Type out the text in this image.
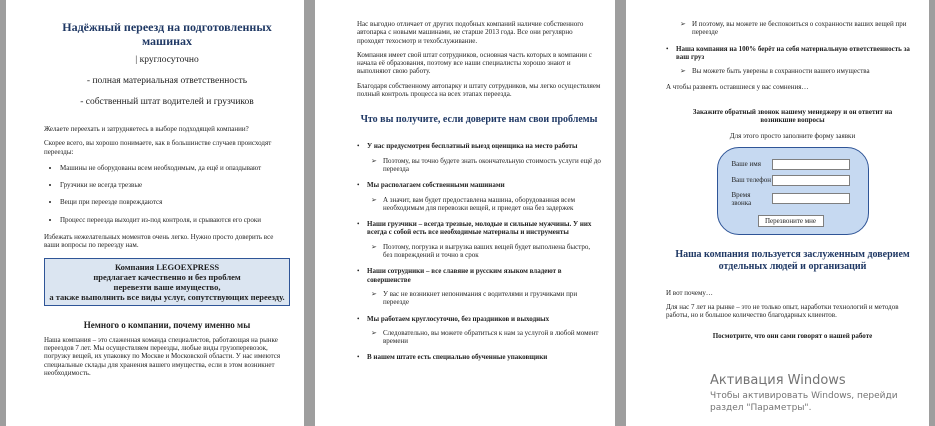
Надёжный переезд на подготовленных машинах

| круглосуточно

- полная материальная ответственность

- собственный штат водителей и грузчиков

Желаете переехать и затрудняетесь в выборе подходящей компании?

Скорее всего, вы хорошо понимаете, как в большинстве случаев происходят переезды:

• Машины не оборудованы всем необходимым, да ещё и опаздывают
• Грузчики не всегда трезвые
• Вещи при переезде повреждаются
• Процесс переезда выходит из-под контроля, и срываются его сроки

Избежать нежелательных моментов очень легко. Нужно просто доверить все ваши вопросы по переезду нам.

Компания LEGOEXPRESS
предлагает качественно и без проблем
перевезти ваше имущество,
а также выполнить все виды услуг, сопутствующих переезду.

Немного о компании, почему именно мы

Наша компания – это слаженная команда специалистов, работающая на рынке переездов 7 лет. Мы осуществляем переезды, любые виды грузоперевозок, погрузку вещей, их упаковку по Москве и Московской области. У нас имеются специальные склады для хранения вашего имущества, если в этом возникнет необходимость.

Нас выгодно отличает от других подобных компаний наличие собственного автопарка с новыми машинами, не старше 2013 года. Все они регулярно проходят техосмотр и техобслуживание.

Компания имеет свой штат сотрудников, основная часть которых в компании с начала её образования, поэтому все наши специалисты хорошо знают и выполняют свою работу.

Благодаря собственному автопарку и штату сотрудников, мы легко осуществляем полный контроль процесса на всех этапах переезда.

Что вы получите, если доверите нам свои проблемы

•	У нас предусмотрен бесплатный выезд оценщика на место работы
➢ Поэтому, вы точно будете знать окончательную стоимость услуги ещё до переезда
•	Мы располагаем собственными машинами
➢ А значит, вам будет предоставлена машина, оборудованная всем необходимым для перевозки вещей, и приедет она без задержек
•	Наши грузчики – всегда трезвые, молодые и сильные мужчины. У них всегда с собой есть все необходимые материалы и инструменты
➢ Поэтому, погрузка и выгрузка ваших вещей будет выполнена быстро, без повреждений и точно в срок
•	Наши сотрудники – все славяне и русским языком владеют в совершенстве
➢ У вас не возникнет непонимания с водителями и грузчиками при переезде
•	Мы работаем круглосуточно, без праздников и выходных
➢ Следовательно, вы можете обратиться к нам за услугой в любой момент времени
•	В нашем штате есть специально обученные упаковщики
➢ И поэтому, вы можете не беспокоиться о сохранности ваших вещей при переезде
•	Наша компания на 100% берёт на себя материальную ответственность за ваш груз
➢ Вы можете быть уверены в сохранности вашего имущества

А чтобы развеять оставшиеся у вас сомнения…

Закажите обратный звонок нашему менеджеру и он ответит на возникшие вопросы

Для этого просто заполните форму заявки

Ваше имя
Ваш телефон
Время звонка
Перезвоните мне

Наша компания пользуется заслуженным доверием отдельных людей и организаций

И вот почему…

Для нас 7 лет на рынке – это не только опыт, наработки технологий и методов работы, но и большое количество благодарных клиентов.

Посмотрите, что они сами говорят о нашей работе

Активация Windows

Чтобы активировать Windows, перейди

раздел "Параметры".
